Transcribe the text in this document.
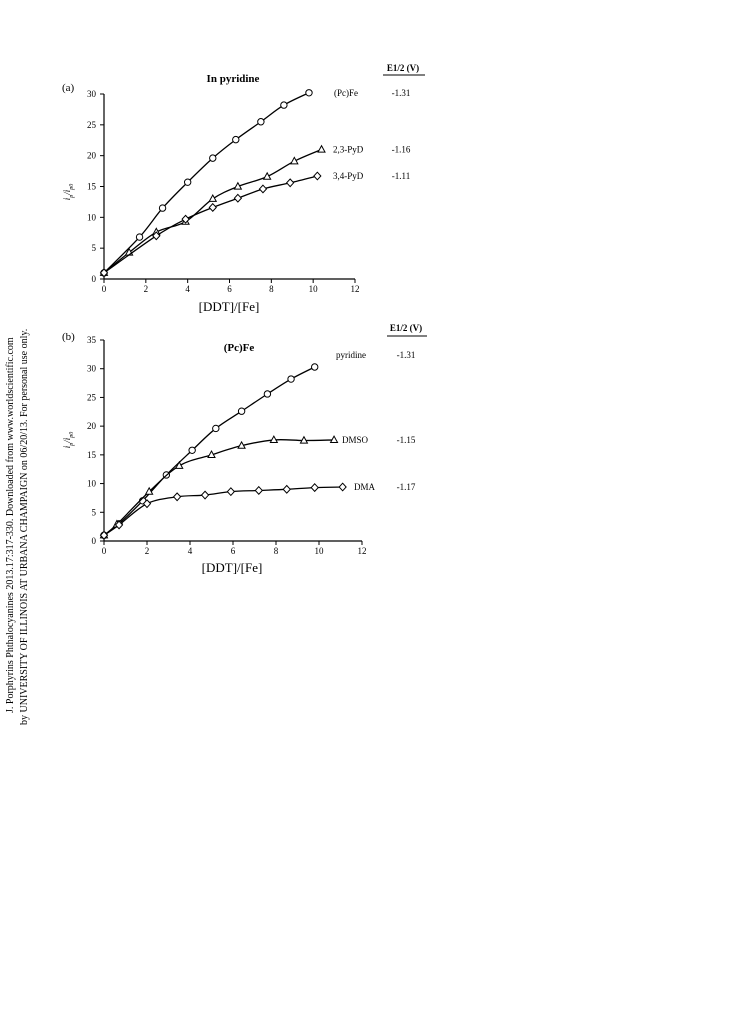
J. Porphyrins Phthalocyanines 2013.17:317-330. Downloaded from www.worldscientific.com by UNIVERSITY OF ILLINOIS AT URBANA CHAMPAIGN on 06/20/13. For personal use only.
(a)
In pyridine
E1/2 (V)
[DDT]/[Fe]
$i_p/i_{p0}$
0
5
10
15
20
25
30
0	2	4	6	8	10	12
(Pc)Fe	-1.31
2,3-PyD	-1.16
3,4-PyD	-1.11
(b)
(Pc)Fe
E1/2 (V)
[DDT]/[Fe]
$i_p/i_{p0}$
0
5
10
15
20
25
30
35
0	2	4	6	8	10	12
pyridine	-1.31
DMSO	-1.15
DMA -1.17
